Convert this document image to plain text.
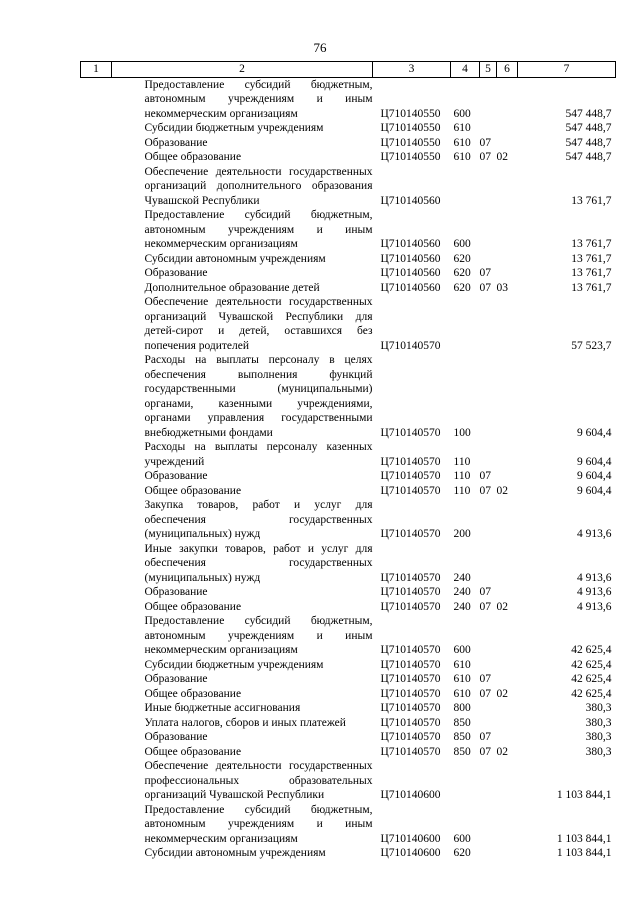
76
1	2	3	4	5	6	7
	Предоставление субсидий бюджетным, автономным учреждениям и иным некоммерческим организациям	Ц710140550	600			547 448,7
	Субсидии бюджетным учреждениям	Ц710140550	610			547 448,7
	Образование	Ц710140550	610	07		547 448,7
	Общее образование	Ц710140550	610	07	02	547 448,7
	Обеспечение деятельности государственных организаций дополнительного образования Чувашской Республики	Ц710140560				13 761,7
	Предоставление субсидий бюджетным, автономным учреждениям и иным некоммерческим организациям	Ц710140560	600			13 761,7
	Субсидии автономным учреждениям	Ц710140560	620			13 761,7
	Образование	Ц710140560	620	07		13 761,7
	Дополнительное образование детей	Ц710140560	620	07	03	13 761,7
	Обеспечение деятельности государственных организаций Чувашской Республики для детей-сирот и детей, оставшихся без попечения родителей	Ц710140570				57 523,7
	Расходы на выплаты персоналу в целях обеспечения выполнения функций государственными (муниципальными) органами, казенными учреждениями, органами управления государственными внебюджетными фондами	Ц710140570	100			9 604,4
	Расходы на выплаты персоналу казенных учреждений	Ц710140570	110			9 604,4
	Образование	Ц710140570	110	07		9 604,4
	Общее образование	Ц710140570	110	07	02	9 604,4
	Закупка товаров, работ и услуг для обеспечения государственных (муниципальных) нужд	Ц710140570	200			4 913,6
	Иные закупки товаров, работ и услуг для обеспечения государственных (муниципальных) нужд	Ц710140570	240			4 913,6
	Образование	Ц710140570	240	07		4 913,6
	Общее образование	Ц710140570	240	07	02	4 913,6
	Предоставление субсидий бюджетным, автономным учреждениям и иным некоммерческим организациям	Ц710140570	600			42 625,4
	Субсидии бюджетным учреждениям	Ц710140570	610			42 625,4
	Образование	Ц710140570	610	07		42 625,4
	Общее образование	Ц710140570	610	07	02	42 625,4
	Иные бюджетные ассигнования	Ц710140570	800			380,3
	Уплата налогов, сборов и иных платежей	Ц710140570	850			380,3
	Образование	Ц710140570	850	07		380,3
	Общее образование	Ц710140570	850	07	02	380,3
	Обеспечение деятельности государственных профессиональных образовательных организаций Чувашской Республики	Ц710140600				1 103 844,1
	Предоставление субсидий бюджетным, автономным учреждениям и иным некоммерческим организациям	Ц710140600	600			1 103 844,1
	Субсидии автономным учреждениям	Ц710140600	620			1 103 844,1
